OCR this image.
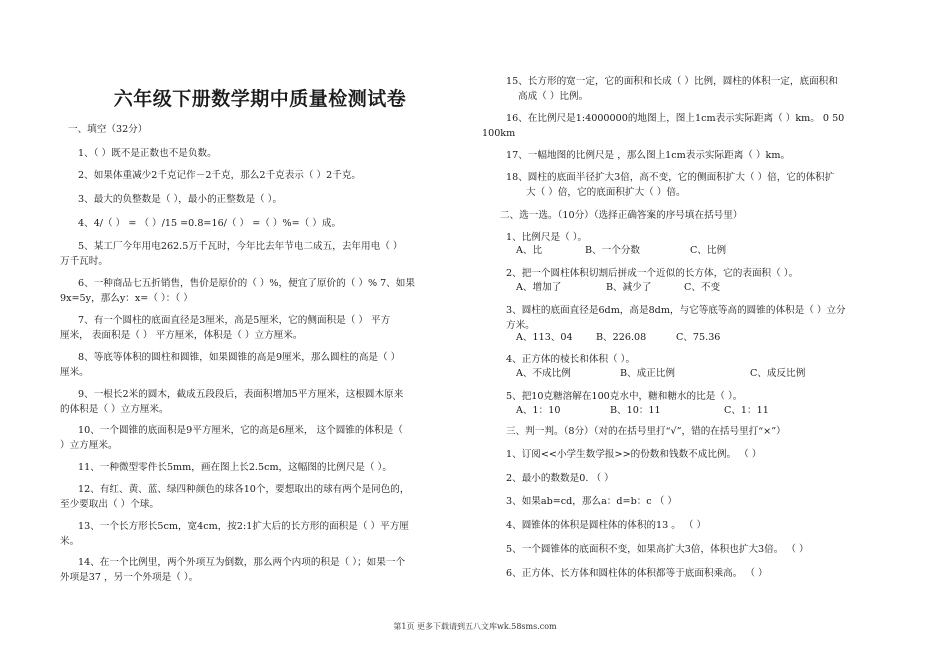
六年级下册数学期中质量检测试卷
一、填空（32分）
1、（ ）既不是正数也不是负数。
2、如果体重减少2千克记作－2千克，那么2千克表示（ ）2千克。
3、最大的负整数是（ ），最小的正整数是（ ）。
4、4/（ ） = （ ）/15 =0.8=16/（ ） =（ ）%=（ ）成。
5、某工厂今年用电262.5万千瓦时，今年比去年节电二成五，去年用电（ ）
万千瓦时。
6、一种商品七五折销售，售价是原价的（ ）%，便宜了原价的（ ）% 7、如果
9x=5y，那么y：x=（ ）：（ ）
7、有一个圆柱的底面直径是3厘米，高是5厘米，它的侧面积是（ ） 平方
厘米， 表面积是（ ） 平方厘米，体积是（ ）立方厘米。
8、等底等体积的圆柱和圆锥，如果圆锥的高是9厘米，那么圆柱的高是（ ）
厘米。
9、一根长2米的圆木，截成五段段后，表面积增加5平方厘米，这根圆木原来
的体积是（ ）立方厘米。
10、一个圆锥的底面积是9平方厘米，它的高是6厘米， 这个圆锥的体积是（
）立方厘米。
11、一种微型零件长5mm，画在图上长2.5cm，这幅图的比例尺是（ ）。
12、有红、黄、蓝、绿四种颜色的球各10个，要想取出的球有两个是同色的，
至少要取出（ ）个球。
13、一个长方形长5cm，宽4cm，按2:1扩大后的长方形的面积是（ ）平方厘
米。
14、在一个比例里，两个外项互为倒数，那么两个内项的积是（ ）；如果一个
外项是37 ，另一个外项是（ ）。
15、长方形的宽一定，它的面积和长成（ ）比例，圆柱的体积一定，底面积和
高成（ ）比例。
16、在比例尺是1:4000000的地图上，图上1cm表示实际距离（ ）km。 0 50
100km
17、一幅地图的比例尺是 ，那么图上1cm表示实际距离（ ）km。
18、圆柱的底面半径扩大3倍，高不变，它的侧面积扩大（ ）倍，它的体积扩
大（ ）倍，它的底面积扩大（ ）倍。
二、选一选。（10分）（选择正确答案的序号填在括号里）
1、比例尺是（ ）。
A、比	B、一个分数	C、比例
2、把一个圆柱体积切割后拼成一个近似的长方体，它的表面积（ ）。
A、增加了	B、减少了	C、不变
3、圆柱的底面直径是6dm，高是8dm，与它等底等高的圆锥的体积是（ ）立分
方米。
A、113、04 B、226.08	C、75.36
4、正方体的棱长和体积（ ）。
A、不成比例	B、成正比例	C、成反比例
5、把10克糖溶解在100克水中，糖和糖水的比是（ ）。
A、1：10	B、10：11	C、1：11
三、判一判。（8分）（对的在括号里打“√”，错的在括号里打“×”）
1、订阅<<小学生数学报>>的份数和钱数不成比例。 （ ）
2、最小的数数是0. （ ）
3、如果ab=cd，那么a：d=b：c （ ）
4、圆锥体的体积是圆柱体的体积的13 。 （ ）
5、一个圆锥体的底面积不变，如果高扩大3倍，体积也扩大3倍。 （ ）
6、正方体、长方体和圆柱体的体积都等于底面积乘高。 （ ）
第1页 更多下载请到五八文库wk.58sms.com
